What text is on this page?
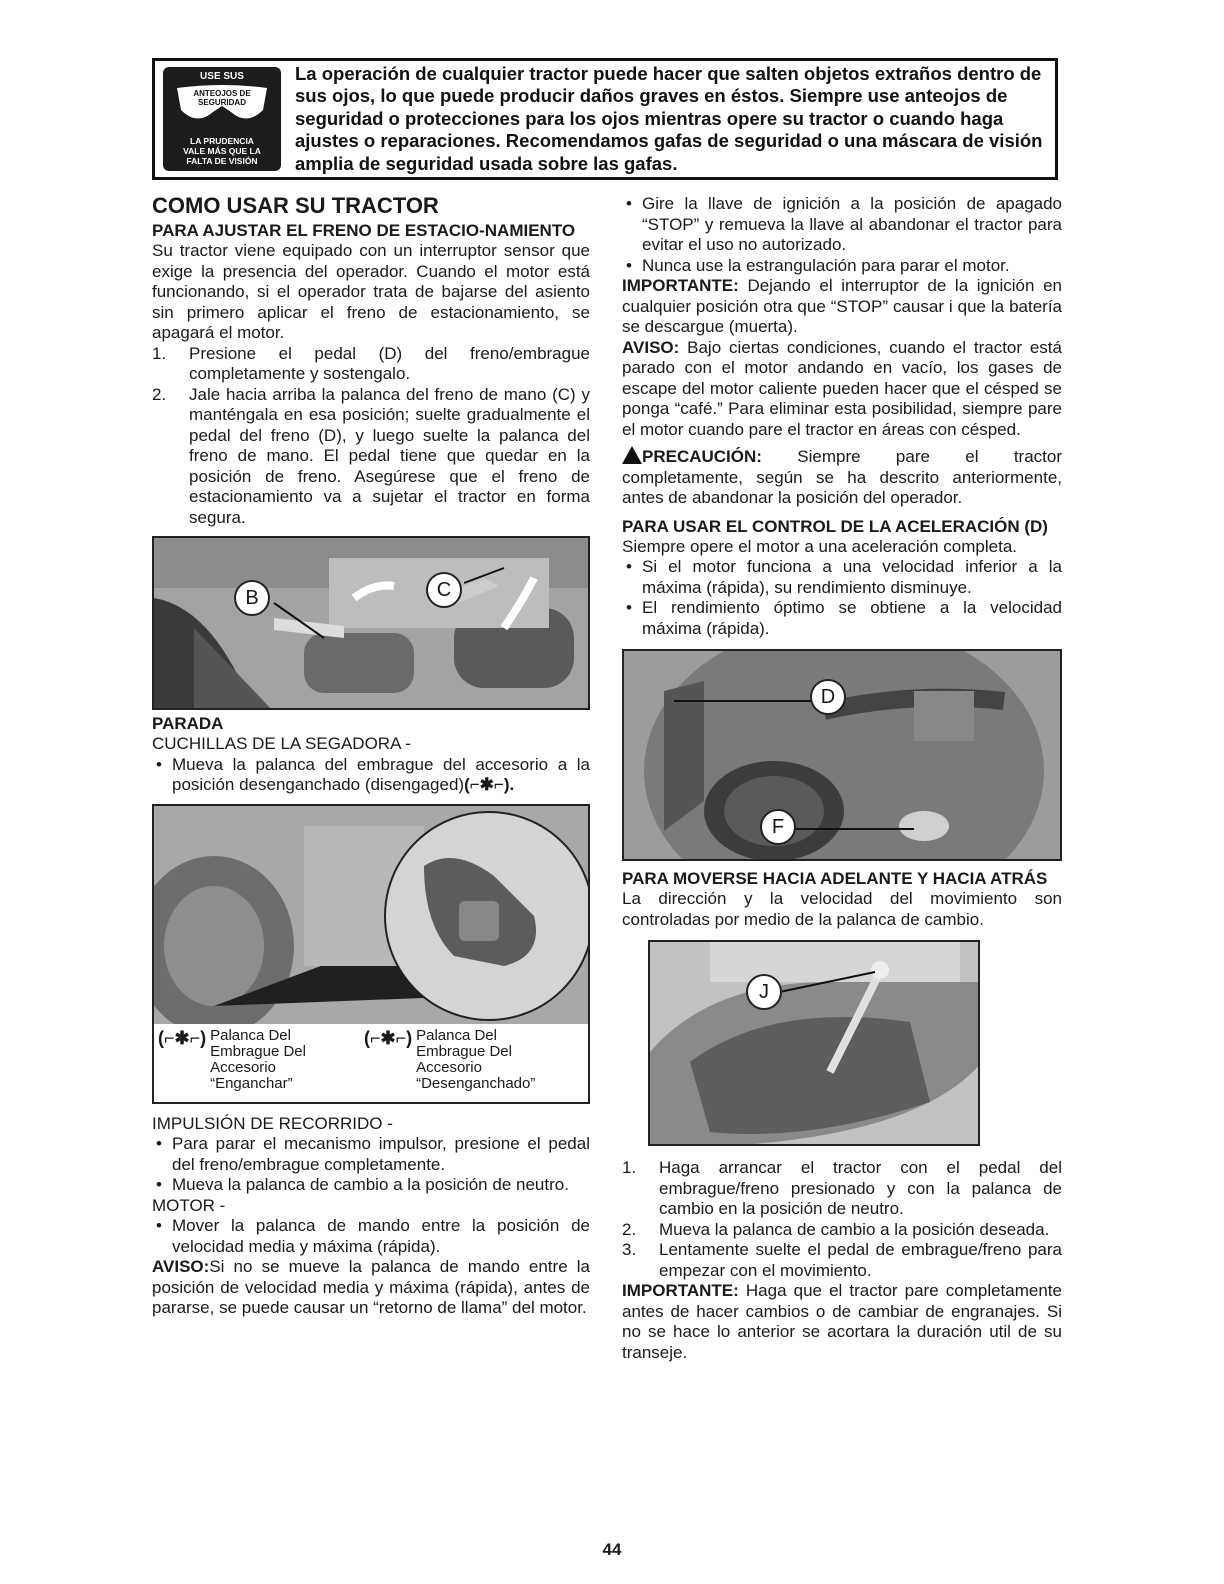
USE SUS
ANTEOJOS DE
SEGURIDAD
LA PRUDENCIA
VALE MÁS QUE LA
FALTA DE VISIÓN
La operación de cualquier tractor puede hacer que salten objetos extraños dentro de sus ojos, lo que puede producir daños graves en éstos. Siempre use anteojos de seguridad o protecciones para los ojos mientras opere su tractor o cuando haga ajustes o reparaciones. Recomendamos gafas de seguridad o una máscara de visión amplia de seguridad usada sobre las gafas.
COMO USAR SU TRACTOR
PARA AJUSTAR EL FRENO DE ESTACIO-NAMIENTO
Su tractor viene equipado con un interruptor sensor que exige la presencia del operador. Cuando el motor está funcionando, si el operador trata de bajarse del asiento sin primero aplicar el freno de estacionamiento, se apagará el motor.
1. Presione el pedal (D) del freno/embrague completamente y sostengalo.
2. Jale hacia arriba la palanca del freno de mano (C) y manténgala en esa posición; suelte gradualmente el pedal del freno (D), y luego suelte la palanca del freno de mano. El pedal tiene que quedar en la posición de freno. Asegúrese que el freno de estacionamiento va a sujetar el tractor en forma segura.
B	C
PARADA
CUCHILLAS DE LA SEGADORA -
• Mueva la palanca del embrague del accesorio a la posición desenganchado (disengaged)(⌐✱⌐).
(⌐✱⌐) Palanca Del
Embrague Del
Accesorio
“Enganchar”
(⌐✱⌐) Palanca Del
Embrague Del
Accesorio
“Desenganchado”
IMPULSIÓN DE RECORRIDO -
• Para parar el mecanismo impulsor, presione el pedal del freno/embrague completamente.
• Mueva la palanca de cambio a la posición de neutro.
MOTOR -
• Mover la palanca de mando entre la posición de velocidad media y máxima (rápida).
AVISO:Si no se mueve la palanca de mando entre la posición de velocidad media y máxima (rápida), antes de pararse, se puede causar un “retorno de llama” del motor.
• Gire la llave de ignición a la posición de apagado “STOP” y remueva la llave al abandonar el tractor para evitar el uso no autorizado.
• Nunca use la estrangulación para parar el motor.
IMPORTANTE: Dejando el interruptor de la ignición en cualquier posición otra que “STOP” causar i que la batería se descargue (muerta).
AVISO: Bajo ciertas condiciones, cuando el tractor está parado con el motor andando en vacío, los gases de escape del motor caliente pueden hacer que el césped se ponga “café.” Para eliminar esta posibilidad, siempre pare el motor cuando pare el tractor en áreas con césped.
PRECAUCIÓN: Siempre pare el tractor completamente, según se ha descrito anteriormente, antes de abandonar la posición del operador.
PARA USAR EL CONTROL DE LA ACELERACIÓN (D)
Siempre opere el motor a una aceleración completa.
• Si el motor funciona a una velocidad inferior a la máxima (rápida), su rendimiento disminuye.
• El rendimiento óptimo se obtiene a la velocidad máxima (rápida).
D
F
PARA MOVERSE HACIA ADELANTE Y HACIA ATRÁS
La dirección y la velocidad del movimiento son controladas por medio de la palanca de cambio.
J
1. Haga arrancar el tractor con el pedal del embrague/freno presionado y con la palanca de cambio en la posición de neutro.
2. Mueva la palanca de cambio a la posición deseada.
3. Lentamente suelte el pedal de embrague/freno para empezar con el movimiento.
IMPORTANTE: Haga que el tractor pare completamente antes de hacer cambios o de cambiar de engranajes. Si no se hace lo anterior se acortara la duración util de su transeje.
44
